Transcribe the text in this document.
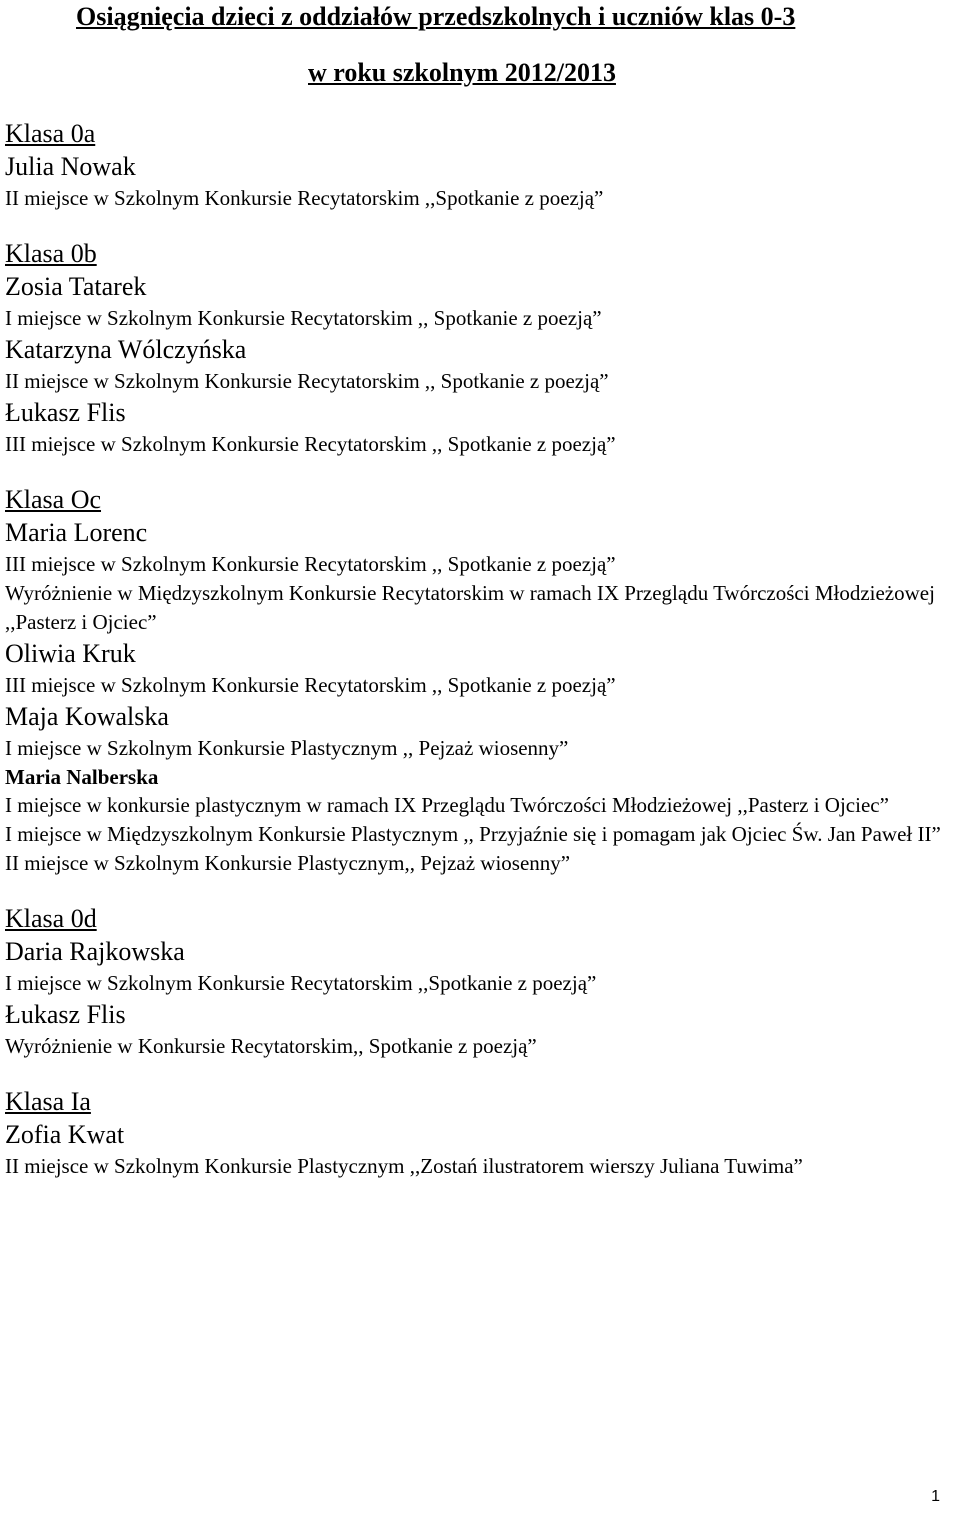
Osiągnięcia dzieci z oddziałów przedszkolnych i uczniów klas 0-3
w roku szkolnym 2012/2013

Klasa 0a

Julia Nowak

II miejsce w Szkolnym Konkursie Recytatorskim ,,Spotkanie z poezją”

Klasa 0b

Zosia Tatarek

I miejsce w Szkolnym Konkursie Recytatorskim ,, Spotkanie z poezją”

Katarzyna Wólczyńska

II miejsce w Szkolnym Konkursie Recytatorskim ,, Spotkanie z poezją”

Łukasz Flis

III miejsce w Szkolnym Konkursie Recytatorskim ,, Spotkanie z poezją”

Klasa Oc

Maria Lorenc

III miejsce w Szkolnym Konkursie Recytatorskim ,, Spotkanie z poezją”

Wyróżnienie w Międzyszkolnym Konkursie Recytatorskim w ramach IX Przeglądu Twórczości Młodzieżowej ,,Pasterz i Ojciec”

Oliwia Kruk

III miejsce w Szkolnym Konkursie Recytatorskim ,, Spotkanie z poezją”

Maja Kowalska

I miejsce w Szkolnym Konkursie Plastycznym ,, Pejzaż wiosenny”

Maria Nalberska

I miejsce w konkursie plastycznym w ramach IX Przeglądu Twórczości Młodzieżowej ,,Pasterz i Ojciec”

I miejsce w Międzyszkolnym Konkursie Plastycznym ,, Przyjaźnie się i pomagam jak Ojciec Św. Jan Paweł II”

II miejsce w Szkolnym Konkursie Plastycznym,, Pejzaż wiosenny”

Klasa 0d

Daria Rajkowska

I miejsce w Szkolnym Konkursie Recytatorskim ,,Spotkanie z poezją”

Łukasz Flis

Wyróżnienie w Konkursie Recytatorskim,, Spotkanie z poezją”

Klasa Ia

Zofia Kwat

II miejsce w Szkolnym Konkursie Plastycznym ,,Zostań ilustratorem wierszy Juliana Tuwima”

1
